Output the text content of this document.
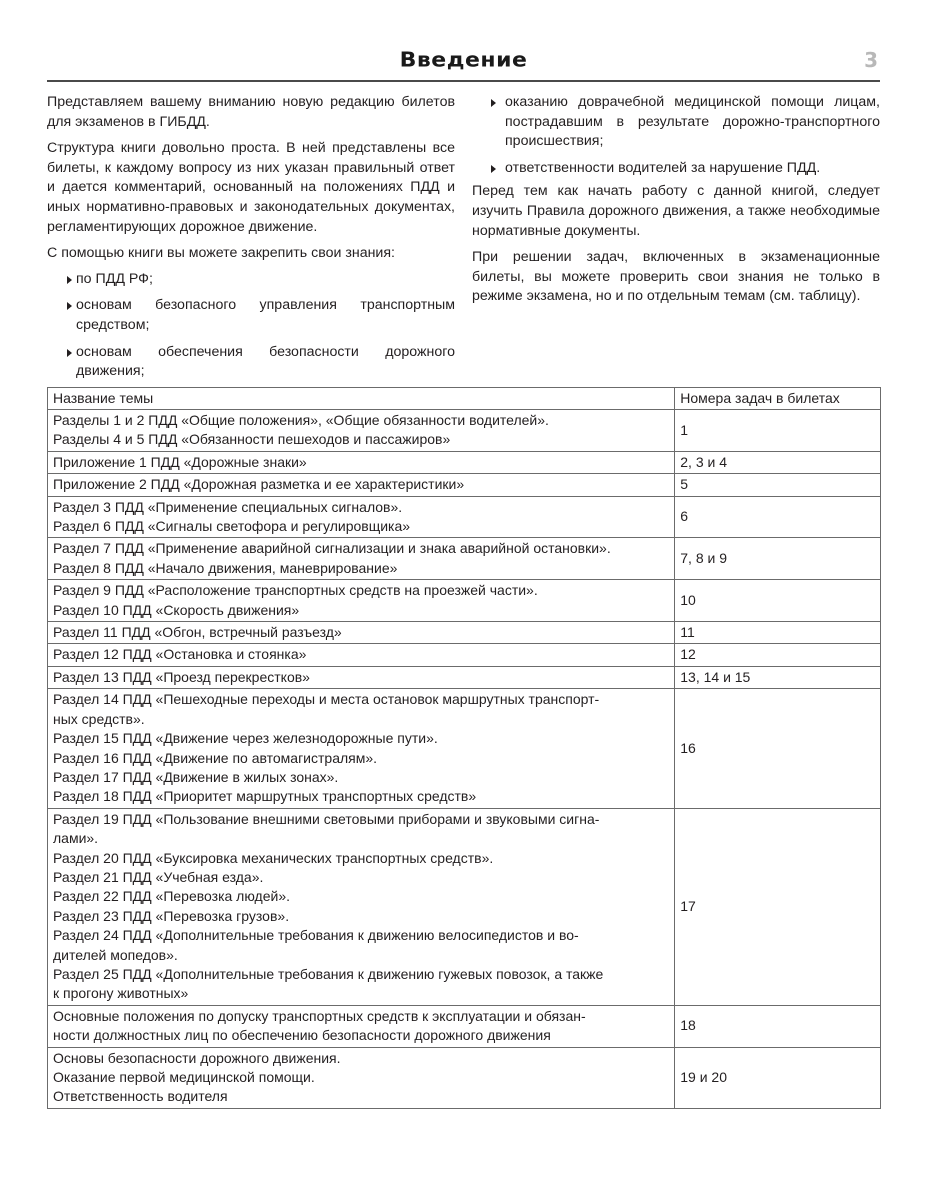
Введение	3

Представляем вашему вниманию новую редакцию билетов для экзаменов в ГИБДД.

Структура книги довольно проста. В ней представлены все билеты, к каждому вопросу из них указан правильный ответ и дается комментарий, основанный на положениях ПДД и иных нормативно-правовых и законодательных документах, регламентирующих дорожное движение.

С помощью книги вы можете закрепить свои знания:

по ПДД РФ;
основам безопасного управления транспортным средством;
основам обеспечения безопасности дорожного движения;
оказанию доврачебной медицинской помощи лицам, пострадавшим в результате дорожно-транспортного происшествия;
ответственности водителей за нарушение ПДД.

Перед тем как начать работу с данной книгой, следует изучить Правила дорожного движения, а также необходимые нормативные документы.

При решении задач, включенных в экзаменационные билеты, вы можете проверить свои знания не только в режиме экзамена, но и по отдельным темам (см. таблицу).

Название темы	Номера задач в билетах

Разделы 1 и 2 ПДД «Общие положения», «Общие обязанности водителей».
Разделы 4 и 5 ПДД «Обязанности пешеходов и пассажиров»	1

Приложение 1 ПДД «Дорожные знаки»	2, 3 и 4

Приложение 2 ПДД «Дорожная разметка и ее характеристики»	5

Раздел 3 ПДД «Применение специальных сигналов».
Раздел 6 ПДД «Сигналы светофора и регулировщика»	6

Раздел 7 ПДД «Применение аварийной сигнализации и знака аварийной остановки».
Раздел 8 ПДД «Начало движения, маневрирование»	7, 8 и 9

Раздел 9 ПДД «Расположение транспортных средств на проезжей части».
Раздел 10 ПДД «Скорость движения»	10

Раздел 11 ПДД «Обгон, встречный разъезд»	11

Раздел 12 ПДД «Остановка и стоянка»	12

Раздел 13 ПДД «Проезд перекрестков»	13, 14 и 15

Раздел 14 ПДД «Пешеходные переходы и места остановок маршрутных транспорт-
ных средств».
Раздел 15 ПДД «Движение через железнодорожные пути».
Раздел 16 ПДД «Движение по автомагистралям».
Раздел 17 ПДД «Движение в жилых зонах».
Раздел 18 ПДД «Приоритет маршрутных транспортных средств»
	16

Раздел 19 ПДД «Пользование внешними световыми приборами и звуковыми сигна-
лами».
Раздел 20 ПДД «Буксировка механических транспортных средств».
Раздел 21 ПДД «Учебная езда».
Раздел 22 ПДД «Перевозка людей».
Раздел 23 ПДД «Перевозка грузов».
Раздел 24 ПДД «Дополнительные требования к движению велосипедистов и во-
дителей мопедов».
Раздел 25 ПДД «Дополнительные требования к движению гужевых повозок, а также
к прогону животных»
	17

Основные положения по допуску транспортных средств к эксплуатации и обязан-
ности должностных лиц по обеспечению безопасности дорожного движения	18

Основы безопасности дорожного движения.
Оказание первой медицинской помощи.
Ответственность водителя	19 и 20
